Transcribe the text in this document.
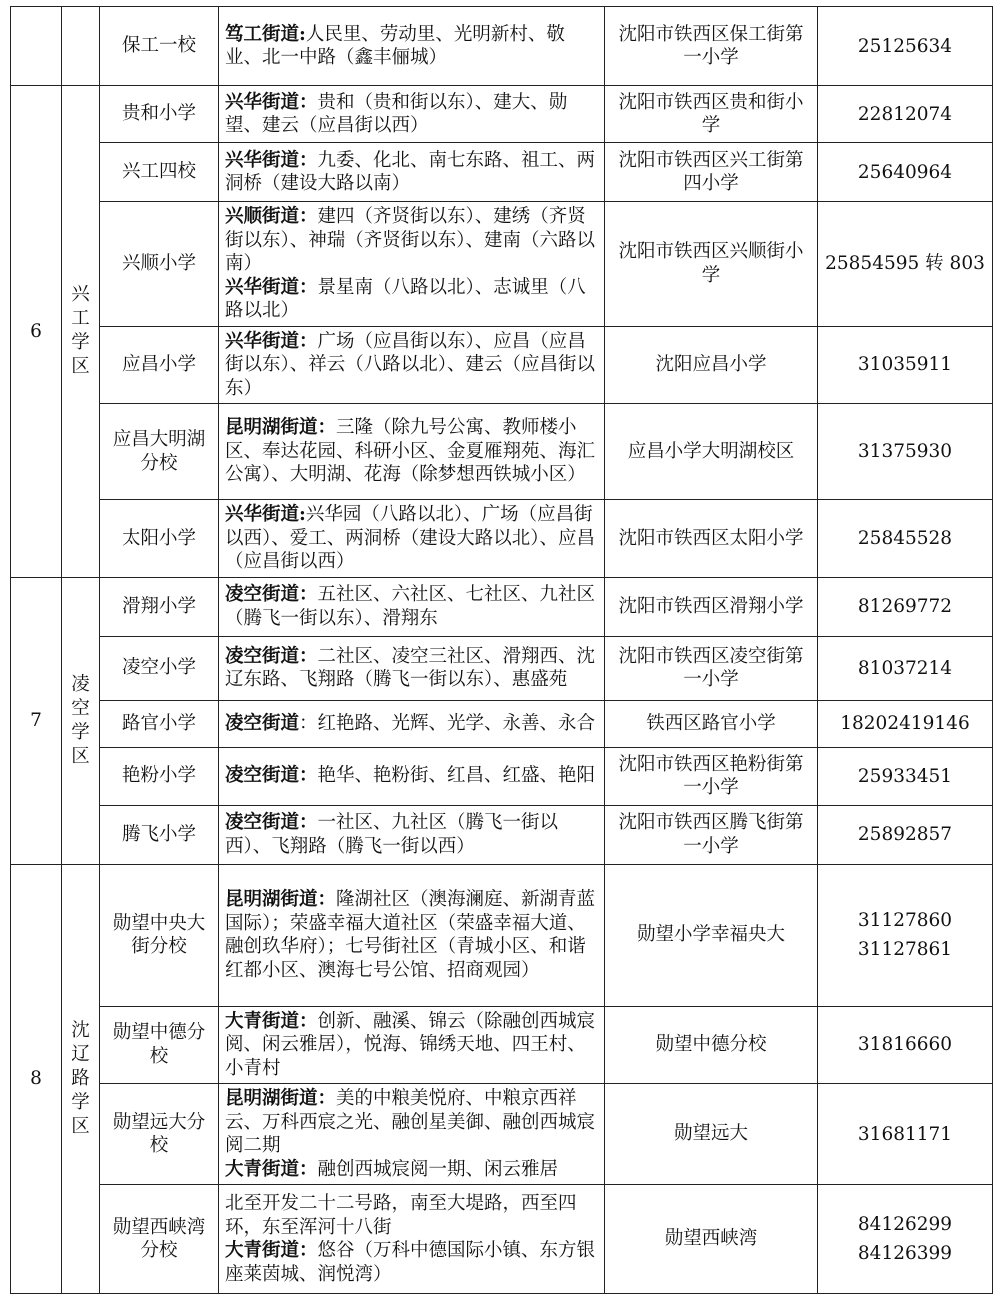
	保工一校	笃工街道:人民里、劳动里、光明新村、敬业、北一中路（鑫丰俪城）	沈阳市铁西区保工街第一小学	25125634

6	兴工学区	贵和小学	兴华街道：贵和（贵和街以东）、建大、勋望、建云（应昌街以西）	沈阳市铁西区贵和街小学	22812074

		兴工四校	兴华街道：九委、化北、南七东路、祖工、两洞桥（建设大路以南）	沈阳市铁西区兴工街第四小学	25640964

		兴顺小学	兴顺街道：建四（齐贤街以东）、建绣（齐贤街以东）、神瑞（齐贤街以东）、建南（六路以南）
兴华街道：景星南（八路以北）、志诚里（八路以北）	沈阳市铁西区兴顺街小学	25854595 转 803

		应昌小学	兴华街道：广场（应昌街以东）、应昌（应昌街以东）、祥云（八路以北）、建云（应昌街以东）	沈阳应昌小学	31035911

		应昌大明湖分校	昆明湖街道：三隆（除九号公寓、教师楼小区、奉达花园、科研小区、金夏雁翔苑、海汇公寓）、大明湖、花海（除梦想西铁城小区）	应昌小学大明湖校区	31375930

		太阳小学	兴华街道:兴华园（八路以北）、广场（应昌街以西）、爱工、两洞桥（建设大路以北）、应昌（应昌街以西）	沈阳市铁西区太阳小学	25845528

7	凌空学区	滑翔小学	凌空街道：五社区、六社区、七社区、九社区（腾飞一街以东）、滑翔东	沈阳市铁西区滑翔小学	81269772

		凌空小学	凌空街道：二社区、凌空三社区、滑翔西、沈辽东路、飞翔路（腾飞一街以东）、惠盛苑	沈阳市铁西区凌空街第一小学	81037214

		路官小学	凌空街道：红艳路、光辉、光学、永善、永合	铁西区路官小学	18202419146

		艳粉小学	凌空街道：艳华、艳粉街、红昌、红盛、艳阳	沈阳市铁西区艳粉街第一小学	25933451

		腾飞小学	凌空街道：一社区、九社区（腾飞一街以西）、飞翔路（腾飞一街以西）	沈阳市铁西区腾飞街第一小学	25892857

8	沈辽路学区	勋望中央大街分校	昆明湖街道：隆湖社区（澳海澜庭、新湖青蓝国际）；荣盛幸福大道社区（荣盛幸福大道、融创玖华府）；七号街社区（青城小区、和谐红都小区、澳海七号公馆、招商观园）	勋望小学幸福央大	31127860
31127861

		勋望中德分校	大青街道：创新、融溪、锦云（除融创西城宸阅、闲云雅居），悦海、锦绣天地、四王村、小青村	勋望中德分校	31816660

		勋望远大分校	昆明湖街道：美的中粮美悦府、中粮京西祥云、万科西宸之光、融创星美御、融创西城宸阅二期
大青街道：融创西城宸阅一期、闲云雅居	勋望远大	31681171

		勋望西峡湾分校	北至开发二十二号路，南至大堤路，西至四环，东至浑河十八街
大青街道：悠谷（万科中德国际小镇、东方银座莱茵城、润悦湾）	勋望西峡湾	84126299
84126399
